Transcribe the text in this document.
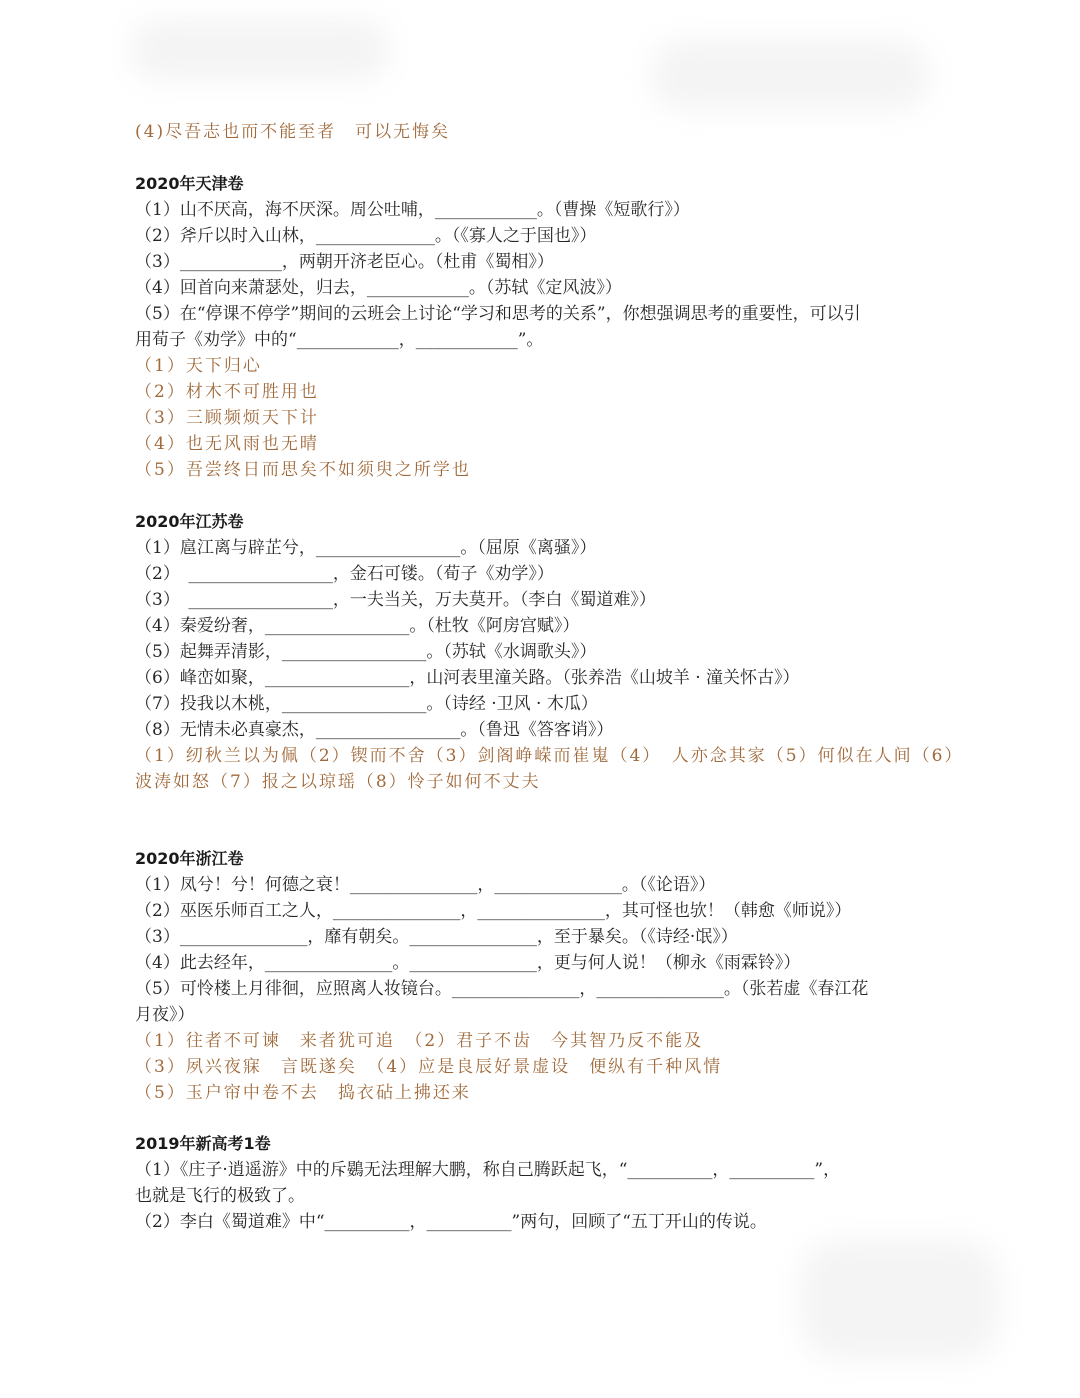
(4)尽吾志也而不能至者　可以无悔矣
2020年天津卷
（1）山不厌高，海不厌深。周公吐哺，____________。（曹操《短歌行》）
（2）斧斤以时入山林，______________。（《寡人之于国也》）
（3）____________，两朝开济老臣心。（杜甫《蜀相》）
（4）回首向来萧瑟处，归去，____________。（苏轼《定风波》）
（5）在“停课不停学”期间的云班会上讨论“学习和思考的关系”，你想强调思考的重要性，可以引
用荀子《劝学》中的“____________，____________”。
（1）天下归心
（2）材木不可胜用也
（3）三顾频烦天下计
（4）也无风雨也无晴
（5）吾尝终日而思矣不如须臾之所学也
2020年江苏卷
（1）扈江离与辟芷兮，_________________。（屈原《离骚》）
（2）　_________________，金石可镂。（荀子《劝学》）
（3）　_________________，一夫当关，万夫莫开。（李白《蜀道难》）
（4）秦爱纷奢，_________________。（杜牧《阿房宫赋》）
（5）起舞弄清影，_________________。（苏轼《水调歌头》）
（6）峰峦如聚，_________________，山河表里潼关路。（张养浩《山坡羊 · 潼关怀古》）
（7）投我以木桃，_________________。（诗经 ·卫风 · 木瓜）
（8）无情未必真豪杰，_________________。（鲁迅《答客诮》）
（1）纫秋兰以为佩（2）锲而不舍（3）剑阁峥嵘而崔嵬（4）　人亦念其家（5）何似在人间（6）
波涛如怒（7）报之以琼瑶（8）怜子如何不丈夫
2020年浙江卷
（1）凤兮！兮！何德之衰！_______________，_______________。（《论语》）
（2）巫医乐师百工之人，_______________，_______________，其可怪也欤！（韩愈《师说》）
（3）_______________，靡有朝矣。_______________，至于暴矣。（《诗经·氓》）
（4）此去经年，_______________。_______________，更与何人说！（柳永《雨霖铃》）
（5）可怜楼上月徘徊，应照离人妆镜台。_______________，_______________。（张若虚《春江花
月夜》）
（1）往者不可谏　来者犹可追　（2）君子不齿　今其智乃反不能及
（3）夙兴夜寐　言既遂矣　（4）应是良辰好景虚设　便纵有千种风情
（5）玉户帘中卷不去　捣衣砧上拂还来
2019年新高考1卷
（1）《庄子·逍遥游》中的斥鷃无法理解大鹏，称自己腾跃起飞，“__________，__________”，
也就是飞行的极致了。
（2）李白《蜀道难》中“__________，__________”两句，回顾了“五丁开山的传说。
